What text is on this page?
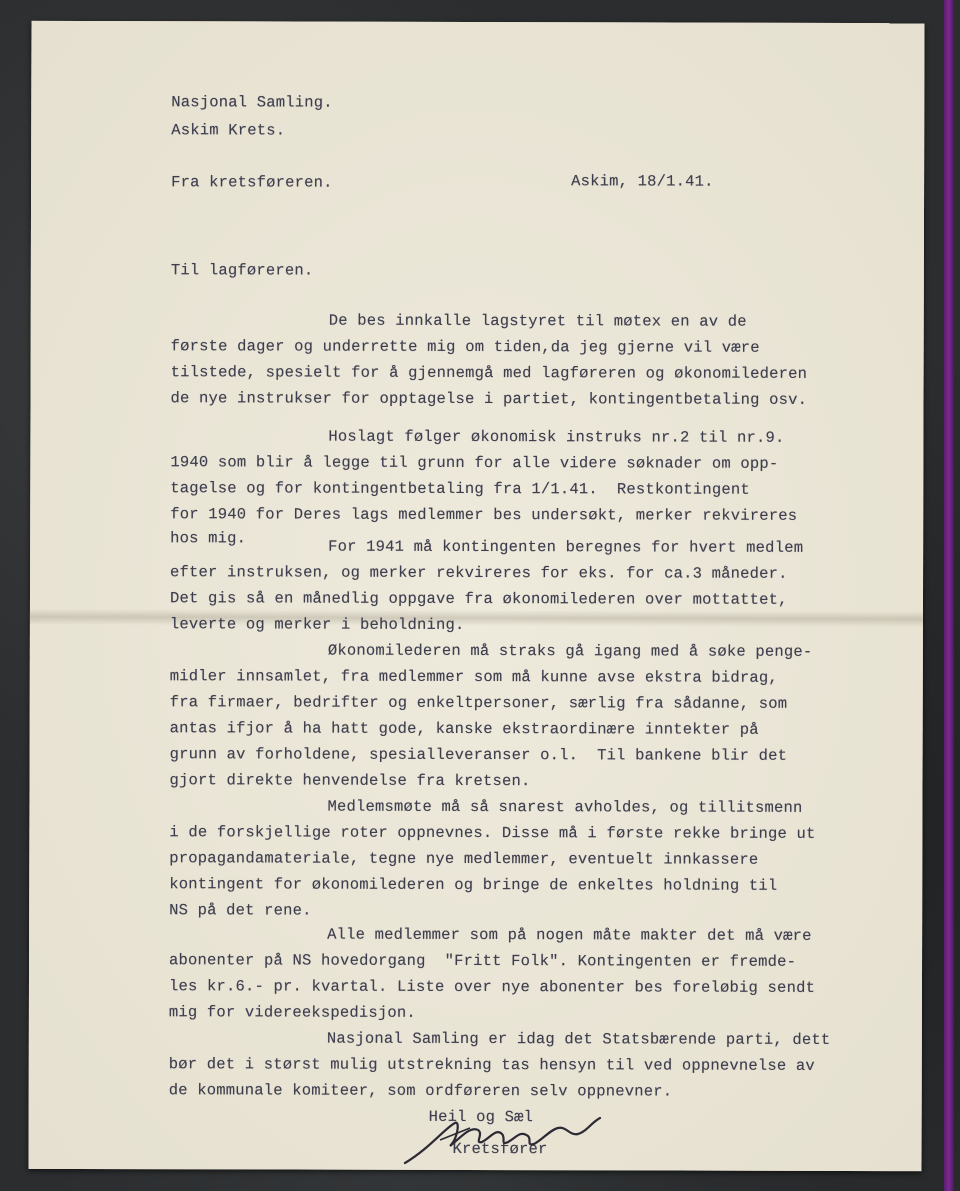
Nasjonal Samling.
Askim Krets.
Fra kretsføreren.	Askim, 18/1.41.
Til lagføreren.
De bes innkalle lagstyret til møtex en av de
første dager og underrette mig om tiden,da jeg gjerne vil være
tilstede, spesielt for å gjennemgå med lagføreren og økonomilederen
de nye instrukser for opptagelse i partiet, kontingentbetaling osv.
Hoslagt følger økonomisk instruks nr.2 til nr.9.
1940 som blir å legge til grunn for alle videre søknader om opp-
tagelse og for kontingentbetaling fra 1/1.41.  Restkontingent
for 1940 for Deres lags medlemmer bes undersøkt, merker rekvireres
hos mig.	For 1941 må kontingenten beregnes for hvert medlem
efter instruksen, og merker rekvireres for eks. for ca.3 måneder.
Det gis så en månedlig oppgave fra økonomilederen over mottattet,
leverte og merker i beholdning.
Økonomilederen må straks gå igang med å søke penge-
midler innsamlet, fra medlemmer som må kunne avse ekstra bidrag,
fra firmaer, bedrifter og enkeltpersoner, særlig fra sådanne, som
antas ifjor å ha hatt gode, kanske ekstraordinære inntekter på
grunn av forholdene, spesialleveranser o.l.  Til bankene blir det
gjort direkte henvendelse fra kretsen.
Medlemsmøte må så snarest avholdes, og tillitsmenn
i de forskjellige roter oppnevnes. Disse må i første rekke bringe ut
propagandamateriale, tegne nye medlemmer, eventuelt innkassere
kontingent for økonomilederen og bringe de enkeltes holdning til
NS på det rene.
Alle medlemmer som på nogen måte makter det må være
abonenter på NS hovedorgang  "Fritt Folk". Kontingenten er fremde-
les kr.6.- pr. kvartal. Liste over nye abonenter bes foreløbig sendt
mig for videreekspedisjon.
Nasjonal Samling er idag det Statsbærende parti, dett
bør det i størst mulig utstrekning tas hensyn til ved oppnevnelse av
de kommunale komiteer, som ordføreren selv oppnevner.
Heil og Sæl
Kretsfører
